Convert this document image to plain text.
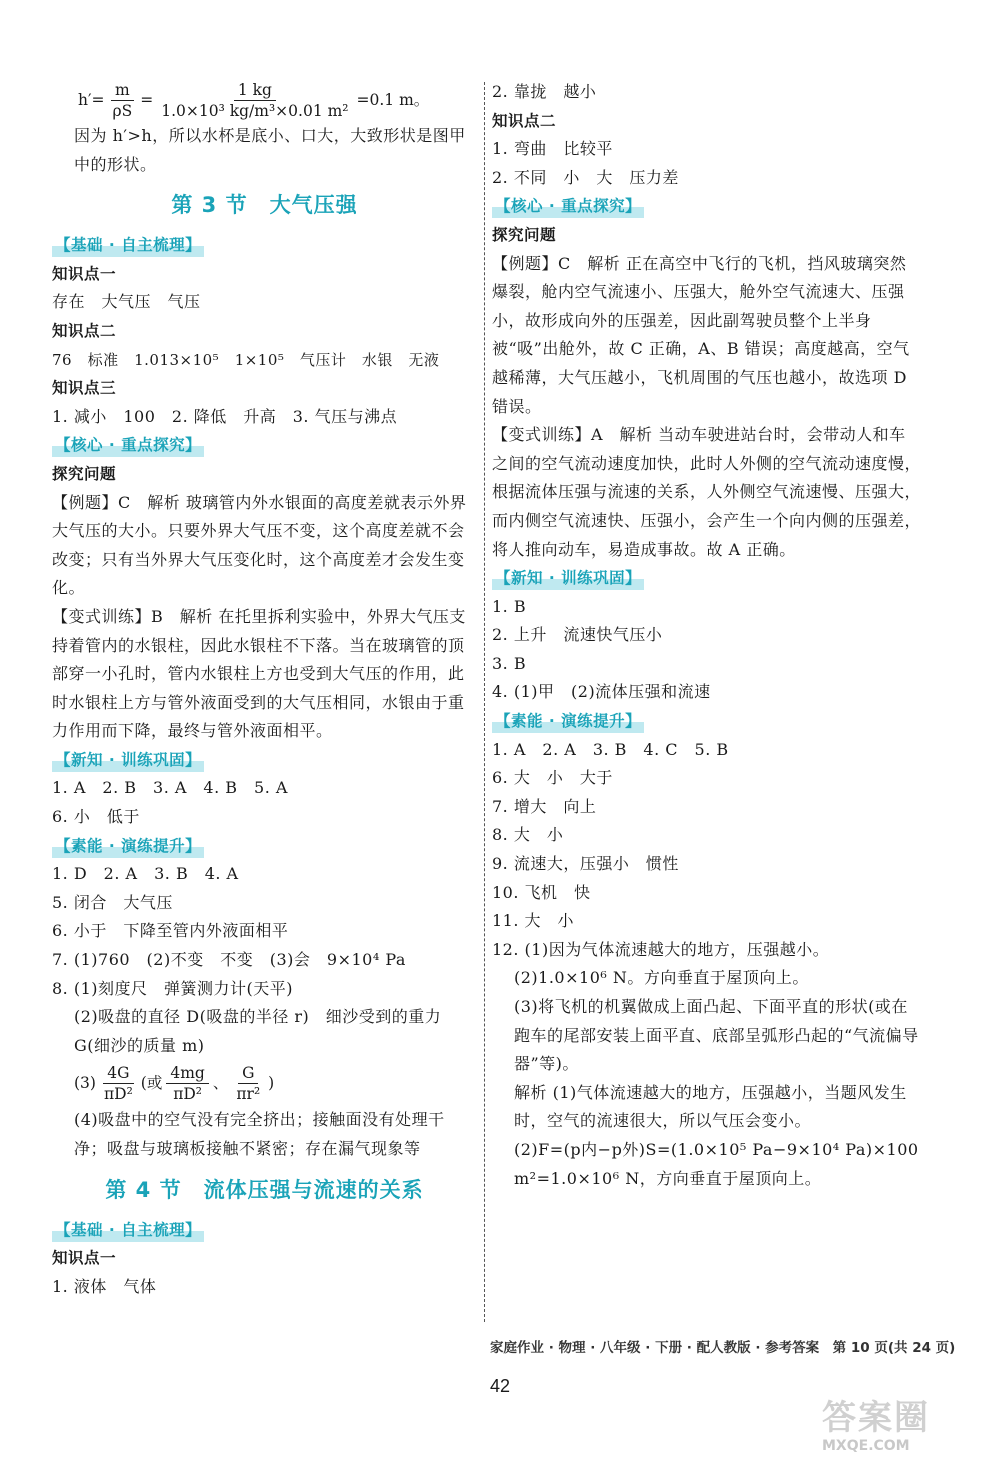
$h'= \frac{m}{\rho S} = \frac{1 kg}{\text{1.0×10³ kg/m³×0.01 m²}} =0.1$ m。
因为 h′>h，所以水杯是底小、口大，大致形状是图甲中的形状。
第 3 节　大气压强
【基础 · 自主梳理】
知识点一
存在　大气压　气压
知识点二
76　标准　1.013×10⁵　1×10⁵　气压计　水银　无液
知识点三
1. 减小　100　2. 降低　升高　3. 气压与沸点
【核心 · 重点探究】
探究问题
【例题】C　解析 玻璃管内外水银面的高度差就表示外界大气压的大小。只要外界大气压不变，这个高度差就不会改变；只有当外界大气压变化时，这个高度差才会发生变化。
【变式训练】B　解析 在托里拆利实验中，外界大气压支持着管内的水银柱，因此水银柱不下落。当在玻璃管的顶部穿一小孔时，管内水银柱上方也受到大气压的作用，此时水银柱上方与管外液面受到的大气压相同，水银由于重力作用而下降，最终与管外液面相平。
【新知 · 训练巩固】
1. A　2. B　3. A　4. B　5. A
6. 小　低于
【素能 · 演练提升】
1. D　2. A　3. B　4. A
5. 闭合　大气压
6. 小于　下降至管内外液面相平
7. (1)760　(2)不变　不变　(3)会　9×10⁴ Pa
8. (1)刻度尺　弹簧测力计(天平)
(2)吸盘的直径 D(吸盘的半径 r)　细沙受到的重力 G(细沙的质量 m)
$(3) \frac{4G}{\text{πD²}}$ (或 $\frac{4mg}{\text{πD²}}$ 、 $\frac{G}{\text{πr²}}$ )
(4)吸盘中的空气没有完全挤出；接触面没有处理干净；吸盘与玻璃板接触不紧密；存在漏气现象等
第 4 节　流体压强与流速的关系
【基础 · 自主梳理】
知识点一
1. 液体　气体
2. 靠拢　越小
知识点二
1. 弯曲　比较平
2. 不同　小　大　压力差
【核心 · 重点探究】
探究问题
【例题】C　解析 正在高空中飞行的飞机，挡风玻璃突然爆裂，舱内空气流速小、压强大，舱外空气流速大、压强小，故形成向外的压强差，因此副驾驶员整个上半身被“吸”出舱外，故 C 正确，A、B 错误；高度越高，空气越稀薄，大气压越小，飞机周围的气压也越小，故选项 D 错误。
【变式训练】A　解析 当动车驶进站台时，会带动人和车之间的空气流动速度加快，此时人外侧的空气流动速度慢，根据流体压强与流速的关系，人外侧空气流速慢、压强大，而内侧空气流速快、压强小，会产生一个向内侧的压强差，将人推向动车，易造成事故。故 A 正确。
【新知 · 训练巩固】
1. B
2. 上升　流速快气压小
3. B
4. (1)甲　(2)流体压强和流速
【素能 · 演练提升】
1. A　2. A　3. B　4. C　5. B
6. 大　小　大于
7. 增大　向上
8. 大　小
9. 流速大，压强小　惯性
10. 飞机　快
11. 大　小
12. (1)因为气体流速越大的地方，压强越小。
(2)1.0×10⁶ N。方向垂直于屋顶向上。
(3)将飞机的机翼做成上面凸起、下面平直的形状(或在跑车的尾部安装上面平直、底部呈弧形凸起的“气流偏导器”等)。
解析 (1)气体流速越大的地方，压强越小，当题风发生时，空气的流速很大，所以气压会变小。
(2)F=(p内−p外)S=(1.0×10⁵ Pa−9×10⁴ Pa)×100 m²=1.0×10⁶ N，方向垂直于屋顶向上。
家庭作业 · 物理 · 八年级 · 下册 · 配人教版 · 参考答案　第 10 页(共 24 页)
42
答案圈
MXQE.COM
